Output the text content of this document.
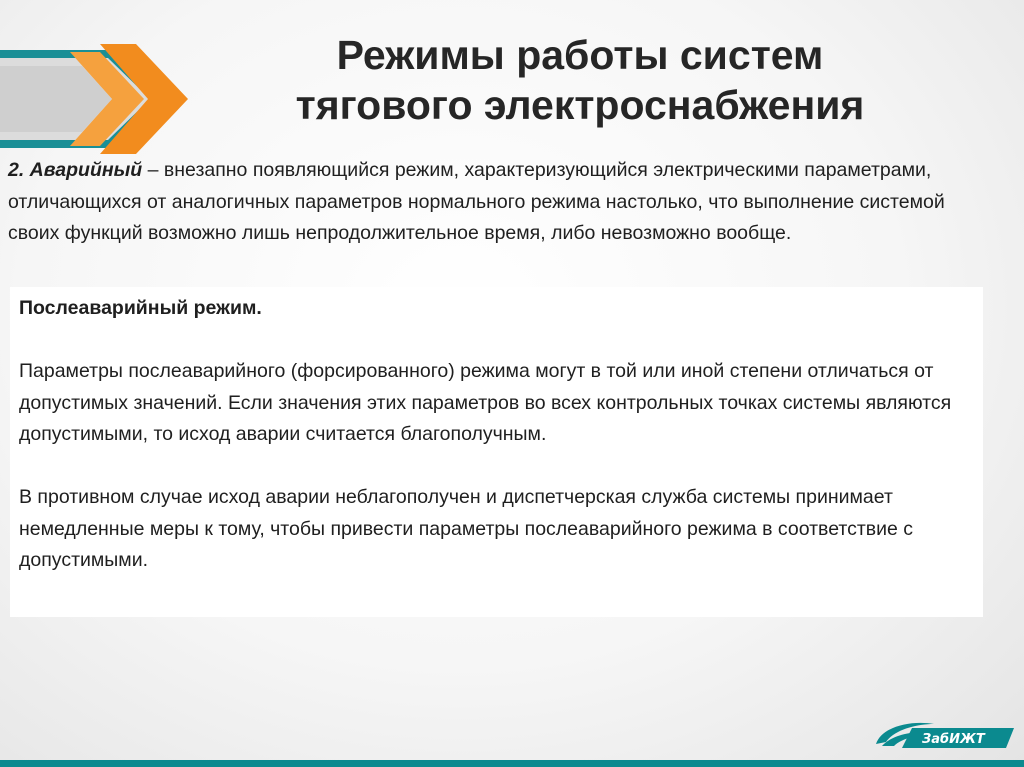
Режимы работы систем
тягового электроснабжения
2. Аварийный – внезапно появляющийся режим, характеризующийся электрическими параметрами, отличающихся от аналогичных параметров нормального режима настолько, что выполнение системой своих функций возможно лишь непродолжительное время, либо невозможно вообще.
Послеаварийный режим.

Параметры послеаварийного (форсированного) режима могут в той или иной степени отличаться от допустимых значений. Если значения этих параметров во всех контрольных точках системы являются допустимыми, то исход аварии считается благополучным.

В противном случае исход аварии неблагополучен и диспетчерская служба системы принимает немедленные меры к тому, чтобы привести параметры послеаварийного режима в соответствие с допустимыми.

ЗабИЖТ
